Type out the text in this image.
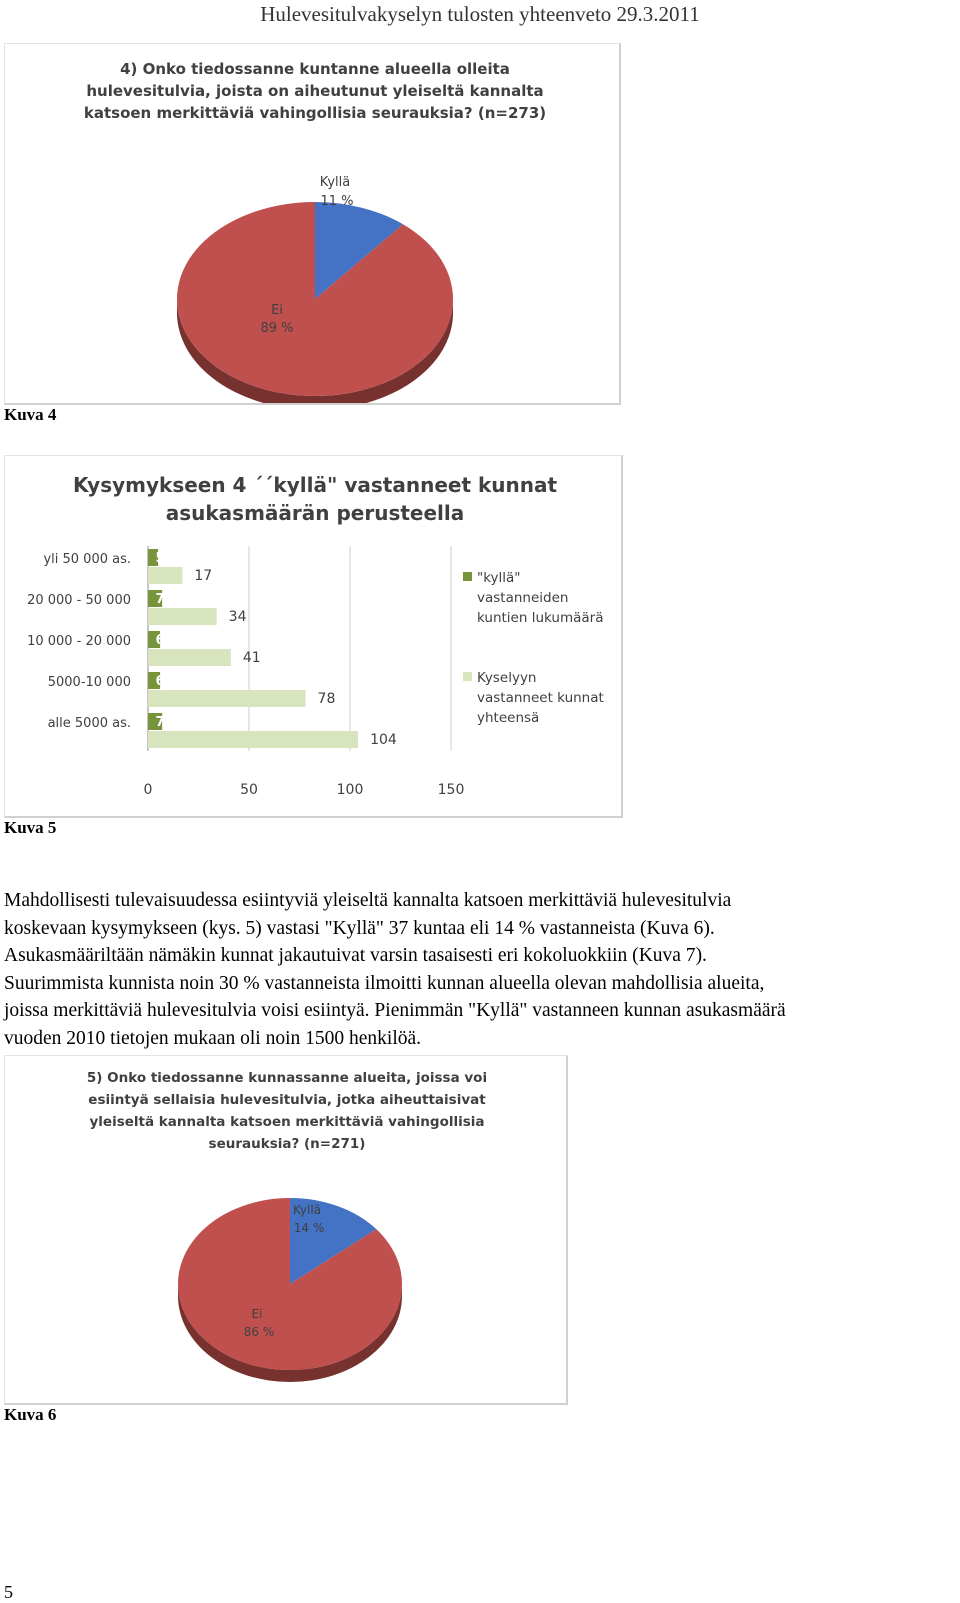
Hulevesitulvakyselyn tulosten yhteenveto 29.3.2011
4) Onko tiedossanne kuntanne alueella olleita
hulevesitulvia, joista on aiheutunut yleiseltä kannalta
katsoen merkittäviä vahingollisia seurauksia? (n=273)
Kyllä
11 %
Ei
89 %
Kuva 4
Kysymykseen 4 ´´kyllä" vastanneet kunnat
asukasmäärän perusteella
5
17
7
34
6
41
6
78
7
104
yli 50 000 as.
20 000 - 50 000
10 000 - 20 000
5000-10 000
alle 5000 as.
0	50	100	150
"kyllä"
vastanneiden
kuntien lukumäärä
Kyselyyn
vastanneet kunnat
yhteensä
Kuva 5

Mahdollisesti tulevaisuudessa esiintyviä yleiseltä kannalta katsoen merkittäviä hulevesitulvia
koskevaan kysymykseen (kys. 5) vastasi "Kyllä" 37 kuntaa eli 14 % vastanneista (Kuva 6).
Asukasmääriltään nämäkin kunnat jakautuivat varsin tasaisesti eri kokoluokkiin (Kuva 7).
Suurimmista kunnista noin 30 % vastanneista ilmoitti kunnan alueella olevan mahdollisia alueita,
joissa merkittäviä hulevesitulvia voisi esiintyä. Pienimmän "Kyllä" vastanneen kunnan asukasmäärä
vuoden 2010 tietojen mukaan oli noin 1500 henkilöä.

5) Onko tiedossanne kunnassanne alueita, joissa voi
esiintyä sellaisia hulevesitulvia, jotka aiheuttaisivat
yleiseltä kannalta katsoen merkittäviä vahingollisia
seurauksia? (n=271)
Kyllä
14 %
Ei
86 %
Kuva 6
5
